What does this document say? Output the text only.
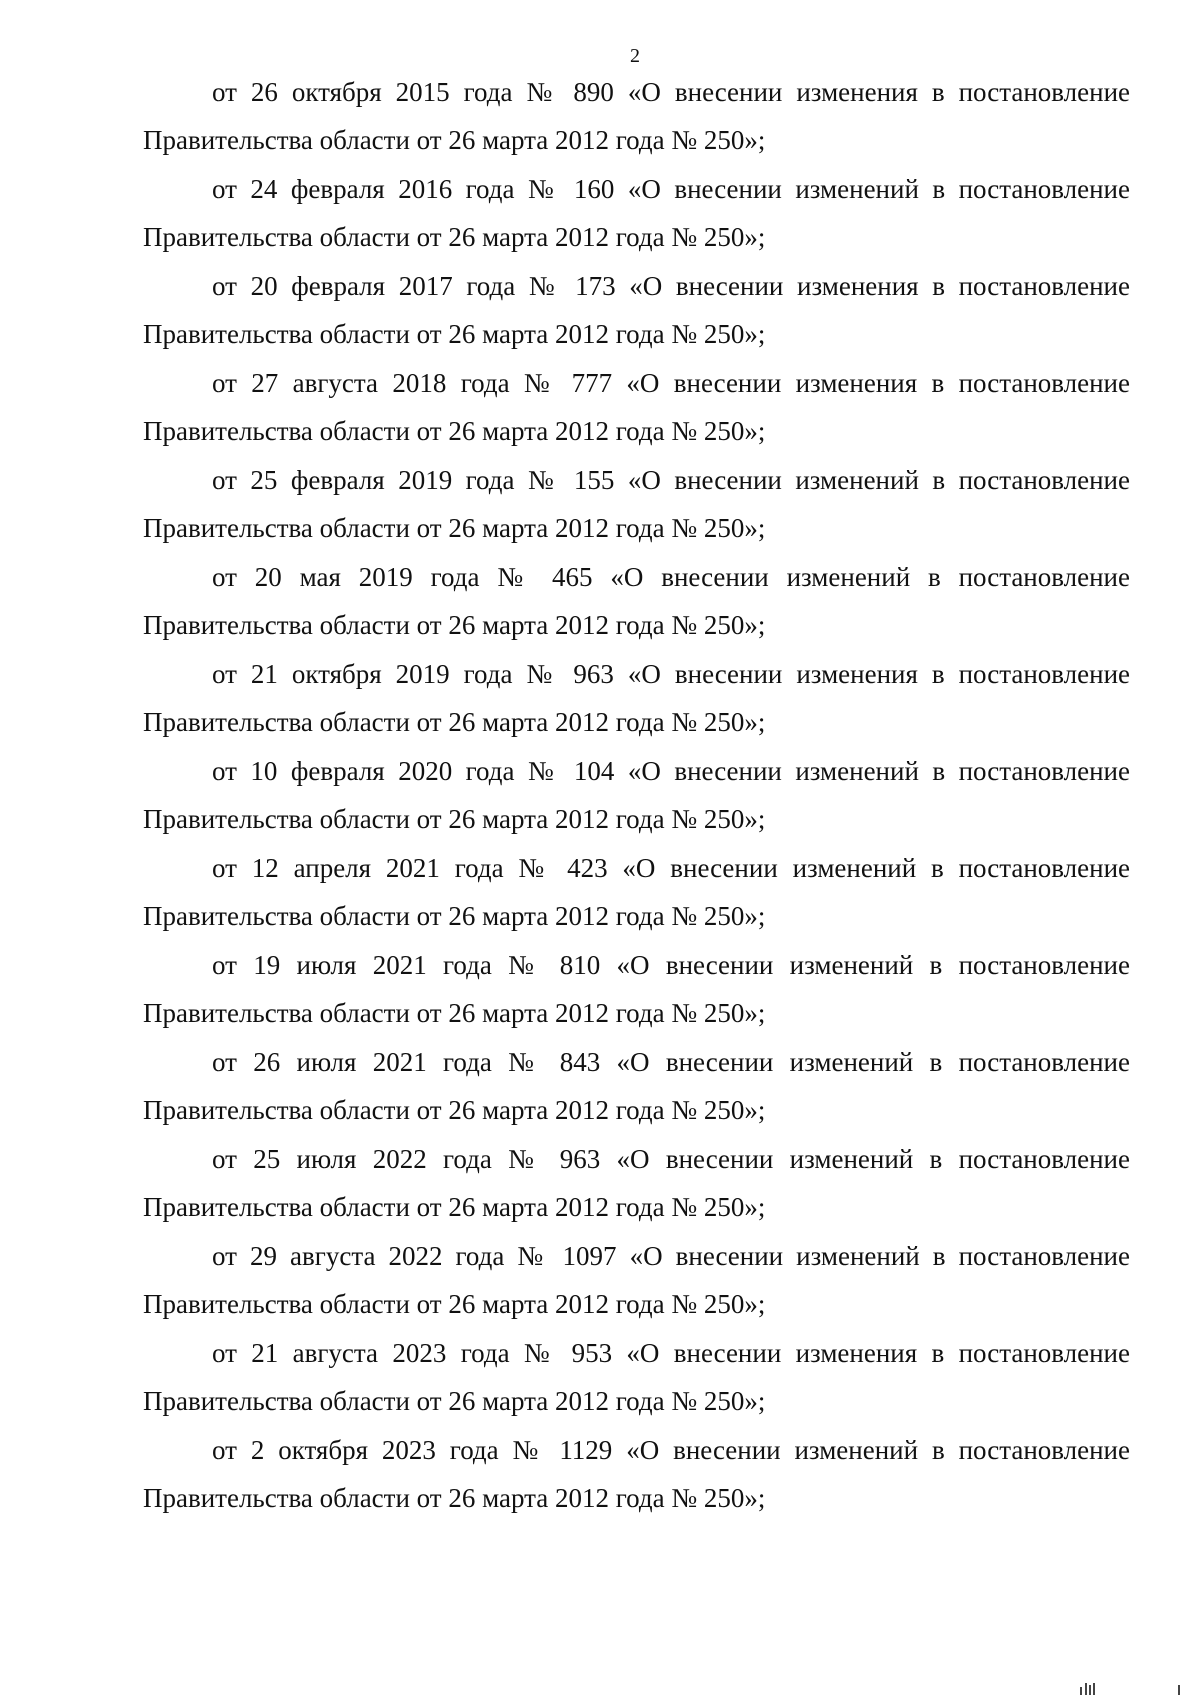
2
от 26 октября 2015 года № 890 «О внесении изменения в постановление Правительства области от 26 марта 2012 года № 250»;
от 24 февраля 2016 года № 160 «О внесении изменений в постановление Правительства области от 26 марта 2012 года № 250»;
от 20 февраля 2017 года № 173 «О внесении изменения в постановление Правительства области от 26 марта 2012 года № 250»;
от 27 августа 2018 года № 777 «О внесении изменения в постановление Правительства области от 26 марта 2012 года № 250»;
от 25 февраля 2019 года № 155 «О внесении изменений в постановление Правительства области от 26 марта 2012 года № 250»;
от 20 мая 2019 года № 465 «О внесении изменений в постановление Правительства области от 26 марта 2012 года № 250»;
от 21 октября 2019 года № 963 «О внесении изменения в постановление Правительства области от 26 марта 2012 года № 250»;
от 10 февраля 2020 года № 104 «О внесении изменений в постановление Правительства области от 26 марта 2012 года № 250»;
от 12 апреля 2021 года № 423 «О внесении изменений в постановление Правительства области от 26 марта 2012 года № 250»;
от 19 июля 2021 года № 810 «О внесении изменений в постановление Правительства области от 26 марта 2012 года № 250»;
от 26 июля 2021 года № 843 «О внесении изменений в постановление Правительства области от 26 марта 2012 года № 250»;
от 25 июля 2022 года № 963 «О внесении изменений в постановление Правительства области от 26 марта 2012 года № 250»;
от 29 августа 2022 года № 1097 «О внесении изменений в постановление Правительства области от 26 марта 2012 года № 250»;
от 21 августа 2023 года № 953 «О внесении изменения в постановление Правительства области от 26 марта 2012 года № 250»;
от 2 октября 2023 года № 1129 «О внесении изменений в постановление Правительства области от 26 марта 2012 года № 250»;
